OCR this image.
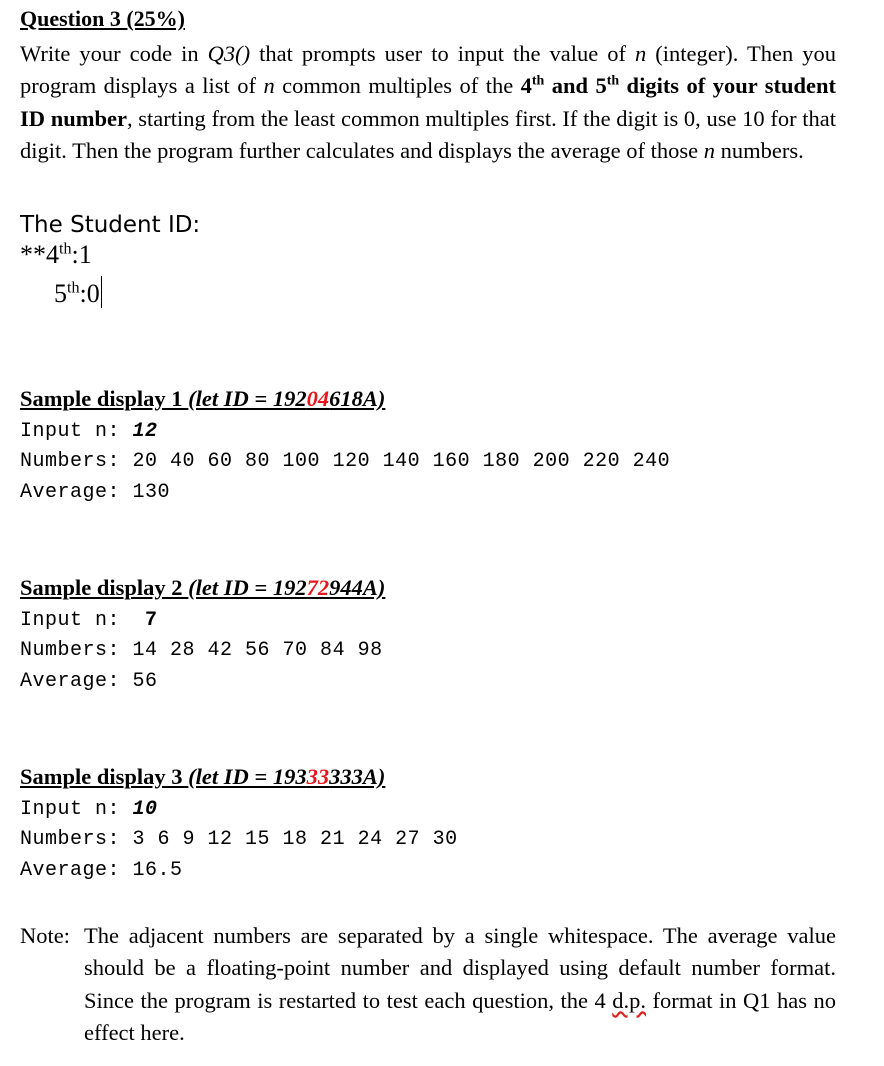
Question 3 (25%)
Write your code in Q3() that prompts user to input the value of n (integer). Then you program displays a list of n common multiples of the 4th and 5th digits of your student ID number, starting from the least common multiples first. If the digit is 0, use 10 for that digit. Then the program further calculates and displays the average of those n numbers.
The Student ID:
**4th:1
5th:0
Sample display 1 (let ID = 19204618A)
Input n: 12
Numbers: 20 40 60 80 100 120 140 160 180 200 220 240
Average: 130
Sample display 2 (let ID = 19272944A)
Input n:  7
Numbers: 14 28 42 56 70 84 98
Average: 56
Sample display 3 (let ID = 19333333A)
Input n: 10
Numbers: 3 6 9 12 15 18 21 24 27 30
Average: 16.5
Note: The adjacent numbers are separated by a single whitespace. The average value should be a floating-point number and displayed using default number format. Since the program is restarted to test each question, the 4 d.p. format in Q1 has no effect here.
